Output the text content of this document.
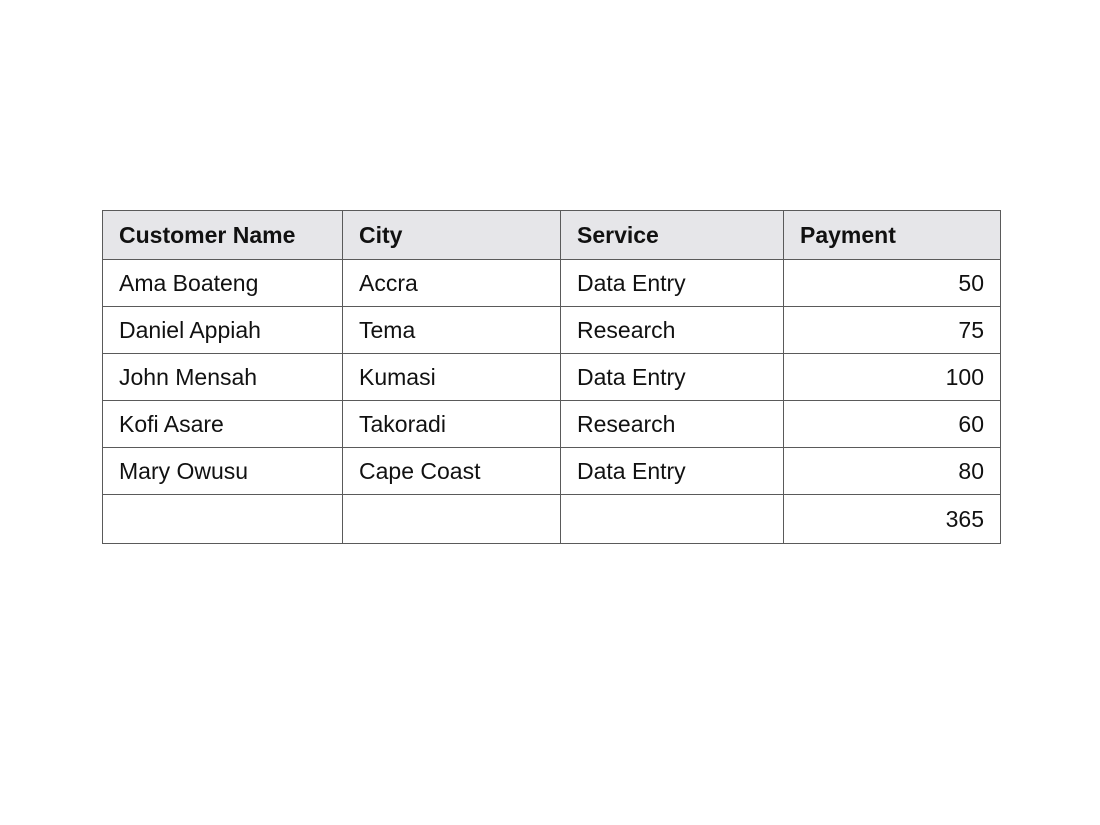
Customer Name	City	Service	Payment
Ama Boateng	Accra	Data Entry	50
Daniel Appiah	Tema	Research	75
John Mensah	Kumasi	Data Entry	100
Kofi Asare	Takoradi	Research	60
Mary Owusu	Cape Coast	Data Entry	80
			365
